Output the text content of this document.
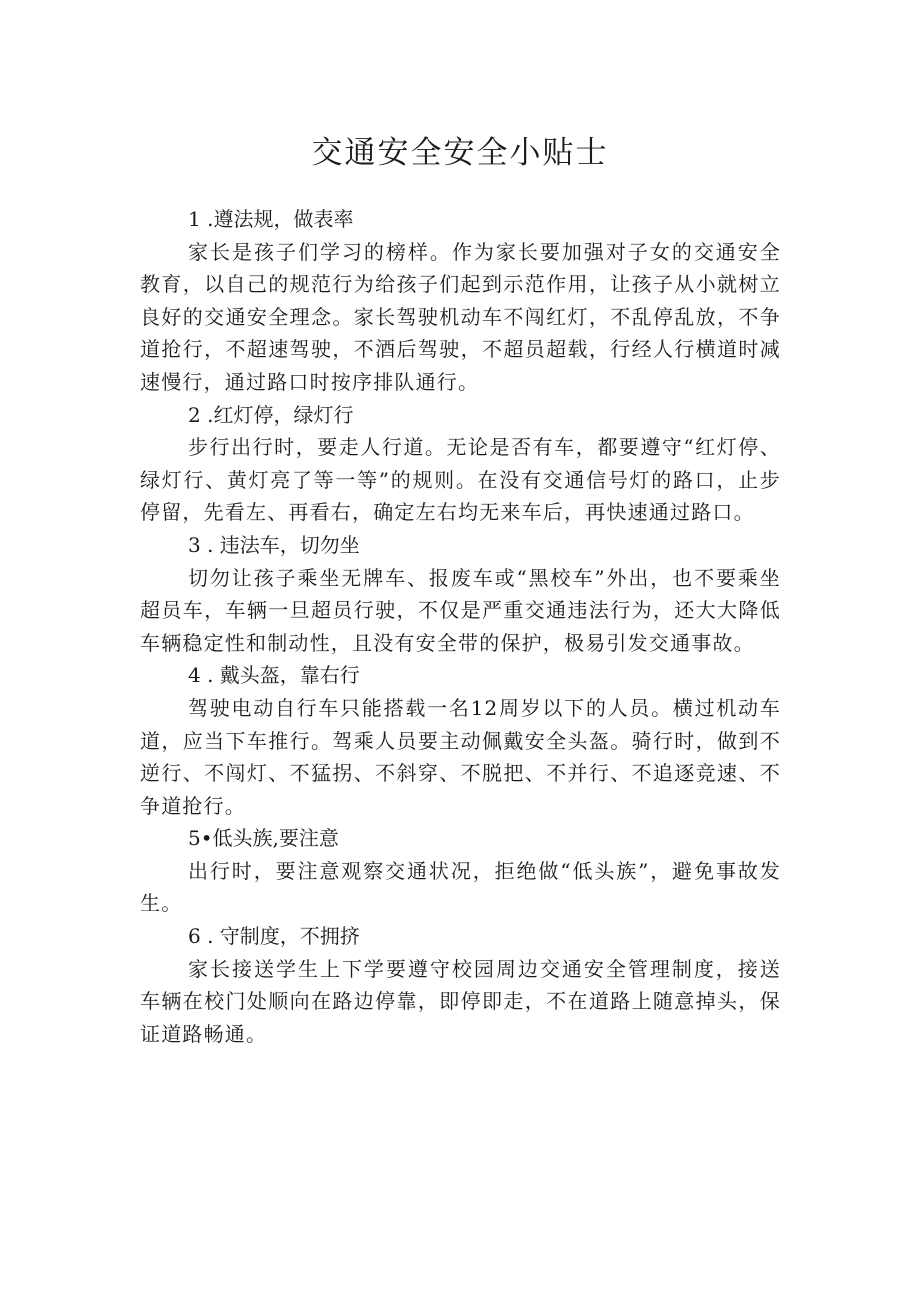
交通安全安全小贴士

1 .遵法规，做表率

家长是孩子们学习的榜样。作为家长要加强对子女的交通安全教育，以自己的规范行为给孩子们起到示范作用，让孩子从小就树立良好的交通安全理念。家长驾驶机动车不闯红灯，不乱停乱放，不争道抢行，不超速驾驶，不酒后驾驶，不超员超载，行经人行横道时减速慢行，通过路口时按序排队通行。

2 .红灯停，绿灯行

步行出行时，要走人行道。无论是否有车，都要遵守“红灯停、绿灯行、黄灯亮了等一等”的规则。在没有交通信号灯的路口，止步停留，先看左、再看右，确定左右均无来车后，再快速通过路口。

3 . 违法车，切勿坐

切勿让孩子乘坐无牌车、报废车或“黑校车”外出，也不要乘坐超员车，车辆一旦超员行驶，不仅是严重交通违法行为，还大大降低车辆稳定性和制动性，且没有安全带的保护，极易引发交通事故。

4 . 戴头盔，靠右行

驾驶电动自行车只能搭载一名12周岁以下的人员。横过机动车道，应当下车推行。驾乘人员要主动佩戴安全头盔。骑行时，做到不逆行、不闯灯、不猛拐、不斜穿、不脱把、不并行、不追逐竞速、不争道抢行。

5•低头族,要注意

出行时，要注意观察交通状况，拒绝做“低头族”，避免事故发生。

6 . 守制度，不拥挤

家长接送学生上下学要遵守校园周边交通安全管理制度，接送车辆在校门处顺向在路边停靠，即停即走，不在道路上随意掉头，保证道路畅通。
